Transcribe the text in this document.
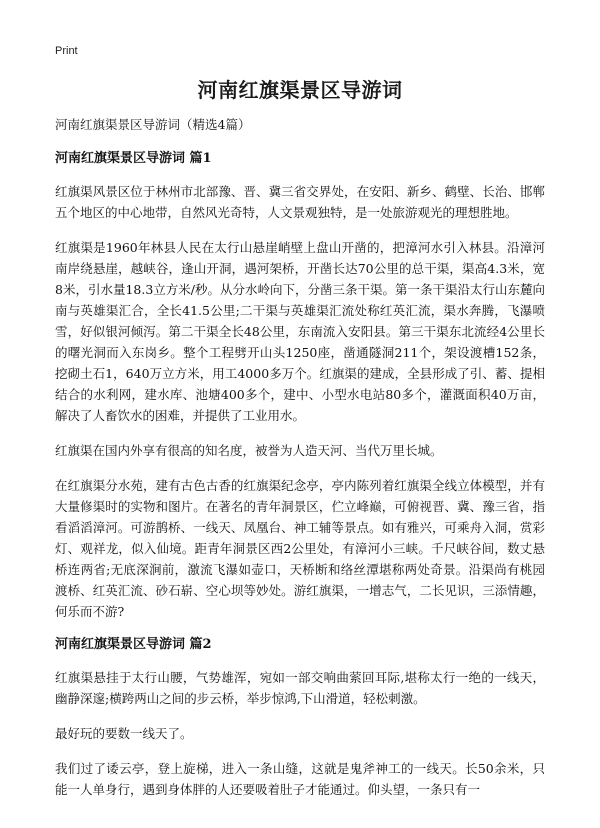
Print
河南红旗渠景区导游词

河南红旗渠景区导游词（精选4篇）

河南红旗渠景区导游词 篇1

红旗渠风景区位于林州市北部豫、晋、冀三省交界处，在安阳、新乡、鹤壁、长治、邯郸五个地区的中心地带，自然风光奇特，人文景观独特，是一处旅游观光的理想胜地。

红旗渠是1960年林县人民在太行山悬崖峭壁上盘山开凿的，把漳河水引入林县。沿漳河南岸绕悬崖，越峡谷，逢山开洞，遇河架桥，开凿长达70公里的总干渠，渠高4.3米，宽8米，引水量18.3立方米/秒。从分水岭向下，分凿三条干渠。第一条干渠沿太行山东麓向南与英雄渠汇合，全长41.5公里;二干渠与英雄渠汇流处称红英汇流，渠水奔腾，飞瀑喷雪，好似银河倾泻。第二干渠全长48公里，东南流入安阳县。第三干渠东北流经4公里长的曙光洞而入东岗乡。整个工程劈开山头1250座，凿通隧洞211个，架设渡槽152条，挖砌土石1，640万立方米，用工4000多万个。红旗渠的建成，全县形成了引、蓄、提相结合的水利网，建水库、池塘400多个，建中、小型水电站80多个，灌溉面积40万亩，解决了人畜饮水的困难，并提供了工业用水。

红旗渠在国内外享有很高的知名度，被誉为人造天河、当代万里长城。

在红旗渠分水苑，建有古色古香的红旗渠纪念亭，亭内陈列着红旗渠全线立体模型，并有大量修渠时的实物和图片。在著名的青年洞景区，伫立峰巅，可俯视晋、冀、豫三省，指看滔滔漳河。可游鹊桥、一线天、凤凰台、神工辅等景点。如有雅兴，可乘舟入洞，赏彩灯、观祥龙，似入仙境。距青年洞景区西2公里处，有漳河小三峡。千尺峡谷间，数丈悬桥连两省;无底深涧前，激流飞瀑如壶口，天桥断和络丝潭堪称两处奇景。沿渠尚有桃园渡桥、红英汇流、砂石崭、空心坝等妙处。游红旗渠，一增志气，二长见识，三添情趣，何乐而不游?

河南红旗渠景区导游词 篇2

红旗渠悬挂于太行山腰，气势雄浑，宛如一部交响曲萦回耳际,堪称太行一绝的一线天，幽静深邃;横跨两山之间的步云桥，举步惊鸿,下山滑道，轻松刺激。

最好玩的要数一线天了。

我们过了诿云亭，登上旋梯，进入一条山缝，这就是鬼斧神工的一线天。长50余米，只能一人单身行，遇到身体胖的人还要吸着肚子才能通过。仰头望，一条只有一
